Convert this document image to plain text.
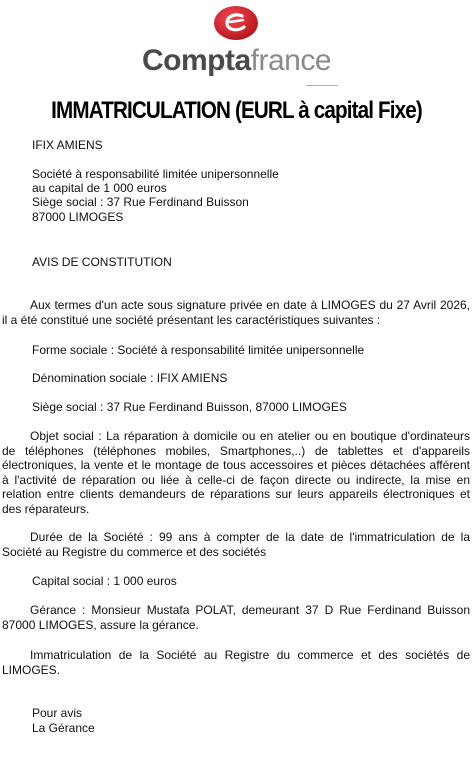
Comptafrance
IMMATRICULATION (EURL à capital Fixe)
IFIX AMIENS
Société à responsabilité limitée unipersonnelle
au capital de 1 000 euros
Siège social : 37 Rue Ferdinand Buisson
87000 LIMOGES
AVIS DE CONSTITUTION
Aux termes d'un acte sous signature privée en date à LIMOGES du 27 Avril 2026, il a été constitué une société présentant les caractéristiques suivantes :
Forme sociale : Société à responsabilité limitée unipersonnelle
Dénomination sociale : IFIX AMIENS
Siège social : 37 Rue Ferdinand Buisson, 87000 LIMOGES
Objet social : La réparation à domicile ou en atelier ou en boutique d'ordinateurs de téléphones (téléphones mobiles, Smartphones,..) de tablettes et d'appareils électroniques, la vente et le montage de tous accessoires et pièces détachées afférent à l'activité de réparation ou liée à celle-ci de façon directe ou indirecte, la mise en relation entre clients demandeurs de réparations sur leurs appareils électroniques et des réparateurs.
Durée de la Société : 99 ans à compter de la date de l'immatriculation de la Société au Registre du commerce et des sociétés
Capital social : 1 000 euros
Gérance : Monsieur Mustafa POLAT, demeurant 37 D Rue Ferdinand Buisson 87000 LIMOGES, assure la gérance.
Immatriculation de la Société au Registre du commerce et des sociétés de LIMOGES.
Pour avis
La Gérance
